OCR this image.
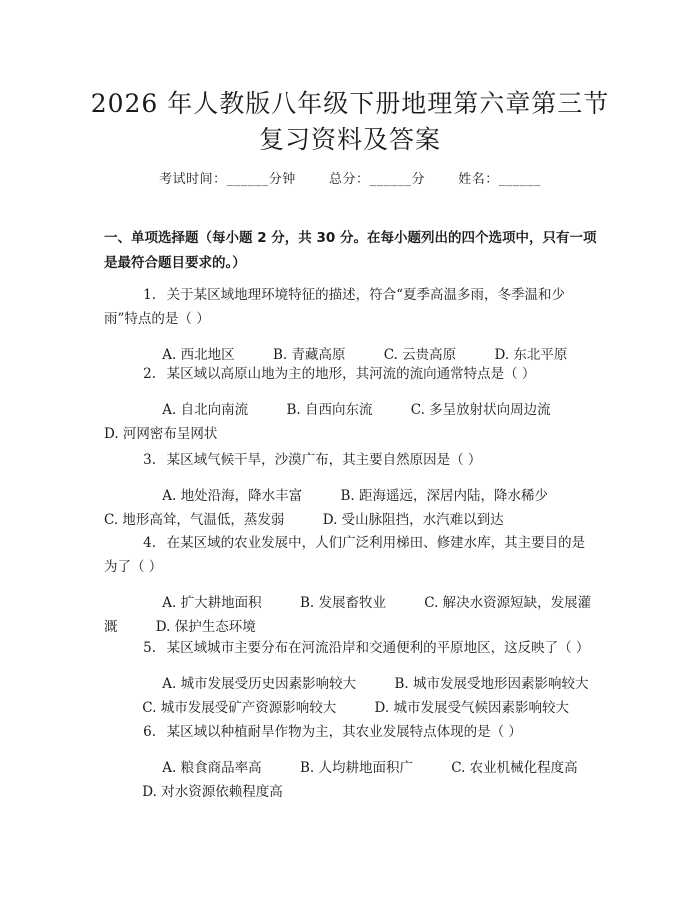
2026 年人教版八年级下册地理第六章第三节
复习资料及答案
考试时间：______分钟	总分：______分	姓名：______
一、单项选择题（每小题 2 分，共 30 分。在每小题列出的四个选项中，只有一项是最符合题目要求的。）
1. 关于某区域地理环境特征的描述，符合“夏季高温多雨，冬季温和少雨”特点的是（ ）
A. 西北地区	B. 青藏高原	C. 云贵高原	D. 东北平原
2. 某区域以高原山地为主的地形，其河流的流向通常特点是（ ）
A. 自北向南流	B. 自西向东流	C. 多呈放射状向周边流 D. 河网密布呈网状
3. 某区域气候干旱，沙漠广布，其主要自然原因是（ ）
A. 地处沿海，降水丰富	B. 距海遥远，深居内陆，降水稀少 C. 地形高耸，气温低，蒸发弱	D. 受山脉阻挡，水汽难以到达
4. 在某区域的农业发展中，人们广泛利用梯田、修建水库，其主要目的是为了（ ）
A. 扩大耕地面积	B. 发展畜牧业	C. 解决水资源短缺，发展灌溉	D. 保护生态环境
5. 某区域城市主要分布在河流沿岸和交通便利的平原地区，这反映了（ ）
A. 城市发展受历史因素影响较大	B. 城市发展受地形因素影响较大 C. 城市发展受矿产资源影响较大	D. 城市发展受气候因素影响较大
6. 某区域以种植耐旱作物为主，其农业发展特点体现的是（ ）
A. 粮食商品率高	B. 人均耕地面积广	C. 农业机械化程度高 D. 对水资源依赖程度高
